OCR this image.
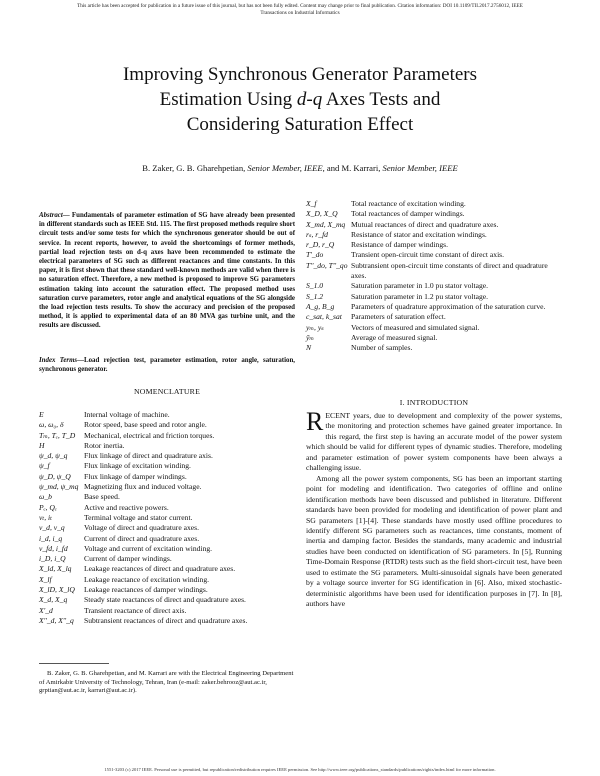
This article has been accepted for publication in a future issue of this journal, but has not been fully edited. Content may change prior to final publication. Citation information: DOI 10.1109/TII.2017.2756012, IEEE
Transactions on Industrial Informatics
Improving Synchronous Generator Parameters
Estimation Using d-q Axes Tests and
Considering Saturation Effect
B. Zaker, G. B. Gharehpetian, Senior Member, IEEE, and M. Karrari, Senior Member, IEEE
Abstract— Fundamentals of parameter estimation of SG have already been presented in different standards such as IEEE Std. 115. The first proposed methods require short circuit tests and/or some tests for which the synchronous generator should be out of service. In recent reports, however, to avoid the shortcomings of former methods, partial load rejection tests on d-q axes have been recommended to estimate the electrical parameters of SG such as different reactances and time constants. In this paper, it is first shown that these standard well-known methods are valid when there is no saturation effect. Therefore, a new method is proposed to improve SG parameters estimation taking into account the saturation effect. The proposed method uses saturation curve parameters, rotor angle and analytical equations of the SG alongside the load rejection tests results. To show the accuracy and precision of the proposed method, it is applied to experimental data of an 80 MVA gas turbine unit, and the results are discussed.
Index Terms—Load rejection test, parameter estimation, rotor angle, saturation, synchronous generator.
NOMENCLATURE
E	Internal voltage of machine.
ω, ω₀, δ	Rotor speed, base speed and rotor angle.
Tₘ, Tₑ, T_D	Mechanical, electrical and friction torques.
H	Rotor inertia.
ψ_d, ψ_q	Flux linkage of direct and quadrature axis.
ψ_f	Flux linkage of excitation winding.
ψ_D, ψ_Q	Flux linkage of damper windings.
ψ_md, ψ_mq Magnetizing flux and induced voltage.
ω_b	Base speed.
Pₑ, Qₑ	Active and reactive powers.
vₜ, iₜ	Terminal voltage and stator current.
v_d, v_q	Voltage of direct and quadrature axes.
i_d, i_q	Current of direct and quadrature axes.
v_fd, i_fd	Voltage and current of excitation winding.
i_D, i_Q	Current of damper windings.
X_ld, X_lq	Leakage reactances of direct and quadrature axes.
X_lf	Leakage reactance of excitation winding.
X_lD, X_lQ	Leakage reactances of damper windings.
X_d, X_q	Steady state reactances of direct and quadrature axes.
X'_d	Transient reactance of direct axis.
X''_d, X''_q	Subtransient reactances of direct and quadrature axes.
X_f	Total reactance of excitation winding.
X_D, X_Q	Total reactances of damper windings.
X_md, X_mq Mutual reactances of direct and quadrature axes.
rₛ, r_fd	Resistance of stator and excitation windings.
r_D, r_Q	Resistance of damper windings.
T'_do	Transient open-circuit time constant of direct axis.
T''_do, T''_qo Subtransient open-circuit time constants of direct and quadrature axes.
S_1.0	Saturation parameter in 1.0 pu stator voltage.
S_1.2	Saturation parameter in 1.2 pu stator voltage.
A_g, B_g	Parameters of quadrature approximation of the saturation curve.
c_sat, k_sat	Parameters of saturation effect.
yₘ, yₛ	Vectors of measured and simulated signal.
ȳₘ	Average of measured signal.
N	Number of samples.
I. INTRODUCTION

RECENT years, due to development and complexity of the power systems, the monitoring and protection schemes have gained greater importance. In this regard, the first step is having an accurate model of the power system which should be valid for different types of dynamic studies. Therefore, modeling and parameter estimation of power system components have been always a challenging issue.

Among all the power system components, SG has been an important starting point for modeling and identification. Two categories of offline and online identification methods have been discussed and published in literature. Different standards have been provided for modeling and identification of power plant and SG parameters [1]-[4]. These standards have mostly used offline procedures to identify different SG parameters such as reactances, time constants, moment of inertia and damping factor. Besides the standards, many academic and industrial studies have been conducted on identification of SG parameters. In [5], Running Time-Domain Response (RTDR) tests such as the field short-circuit test, have been used to estimate the SG parameters. Multi-sinusoidal signals have been generated by a voltage source inverter for SG identification in [6]. Also, mixed stochastic-deterministic algorithms have been used for identification purposes in [7]. In [8], authors have

B. Zaker, G. B. Gharehpetian, and M. Karrari are with the Electrical Engineering Department of Amirkabir University of Technology, Tehran, Iran (e-mail: zaker.behrooz@aut.ac.ir, grptian@aut.ac.ir, karrari@aut.ac.ir).
1551-3203 (c) 2017 IEEE. Personal use is permitted, but republication/redistribution requires IEEE permission. See http://www.ieee.org/publications_standards/publications/rights/index.html for more information.
